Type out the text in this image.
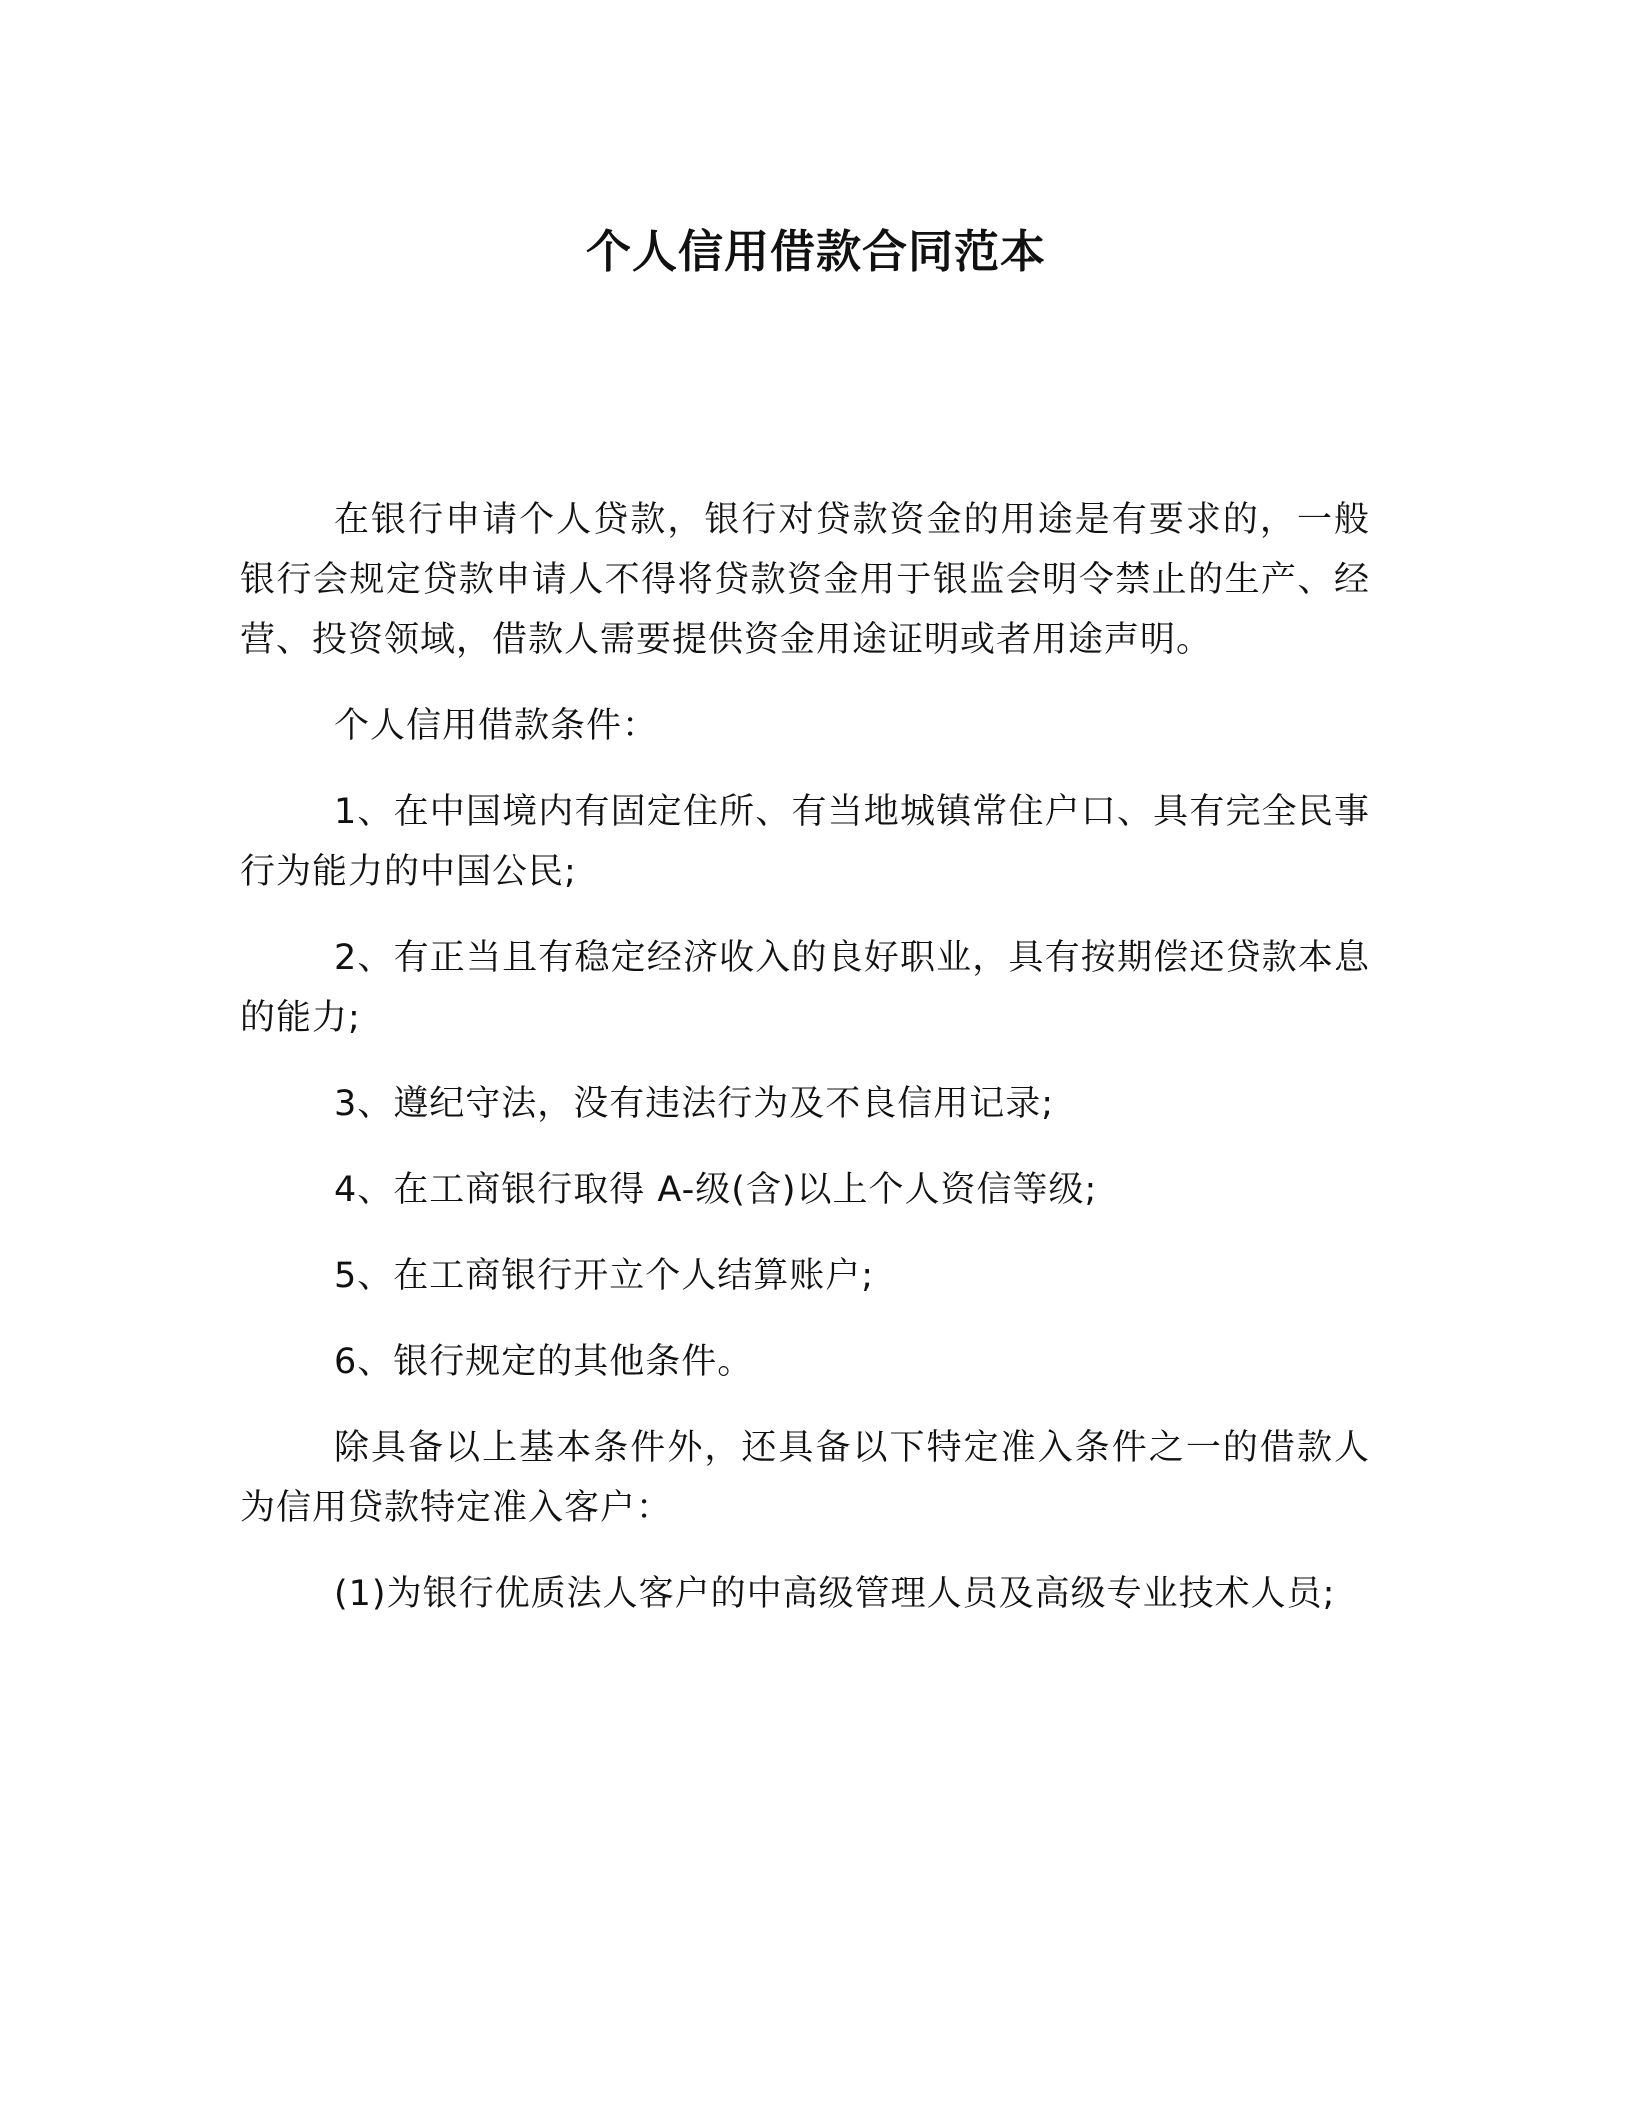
个人信用借款合同范本

在银行申请个人贷款，银行对贷款资金的用途是有要求的，一般银行会规定贷款申请人不得将贷款资金用于银监会明令禁止的生产、经营、投资领域，借款人需要提供资金用途证明或者用途声明。

个人信用借款条件：

1、在中国境内有固定住所、有当地城镇常住户口、具有完全民事行为能力的中国公民;

2、有正当且有稳定经济收入的良好职业，具有按期偿还贷款本息的能力;

3、遵纪守法，没有违法行为及不良信用记录;

4、在工商银行取得 A-级(含)以上个人资信等级;

5、在工商银行开立个人结算账户;

6、银行规定的其他条件。

除具备以上基本条件外，还具备以下特定准入条件之一的借款人为信用贷款特定准入客户：

(1)为银行优质法人客户的中高级管理人员及高级专业技术人员;
